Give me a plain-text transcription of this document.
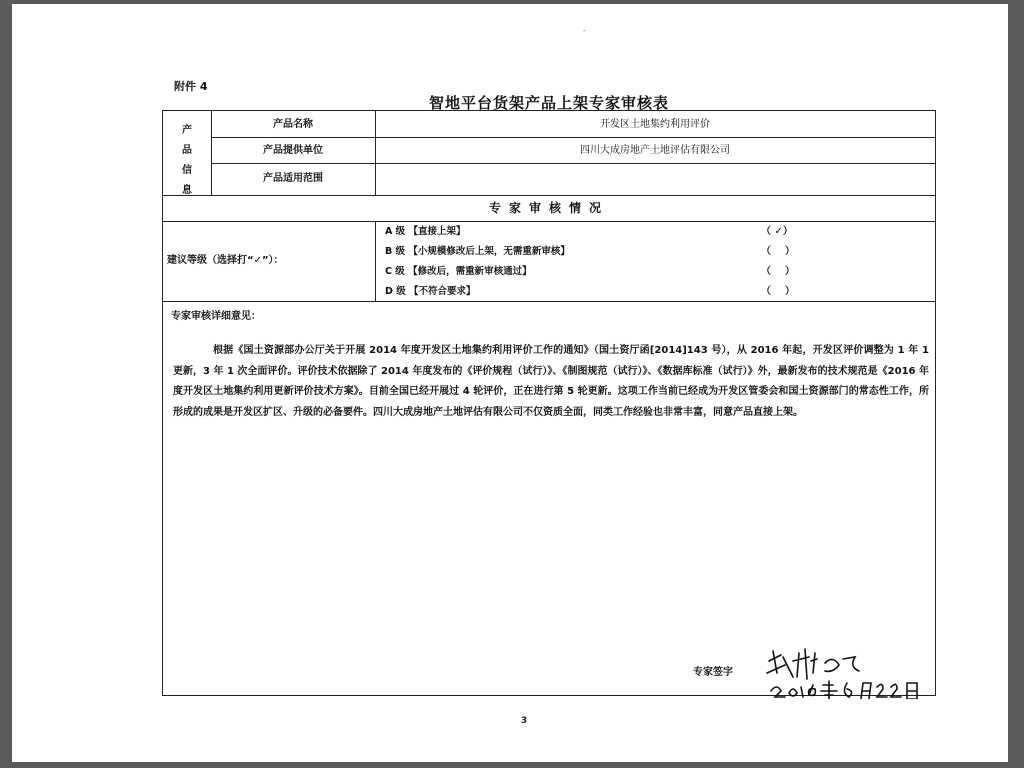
ˉ
附件 4
智地平台货架产品上架专家审核表
产
品
信
息
产品名称	开发区土地集约利用评价
产品提供单位	四川大成房地产土地评估有限公司
产品适用范围
专家审核情况
建议等级（选择打“✓”）：
A 级 【直接上架】	（ ✓）
B 级 【小规模修改后上架，无需重新审核】	（    ）
C 级 【修改后，需重新审核通过】	（    ）
D 级 【不符合要求】	（    ）
专家审核详细意见：

根据《国土资源部办公厅关于开展 2014 年度开发区土地集约利用评价工作的通知》（国土资厅函[2014]143 号），从 2016 年起，开发区评价调整为 1 年 1 更新，3 年 1 次全面评价。评价技术依据除了 2014 年度发布的《评价规程（试行）》、《制图规范（试行）》、《数据库标准（试行）》外，最新发布的技术规范是《2016 年度开发区土地集约利用更新评价技术方案》。目前全国已经开展过 4 轮评价，正在进行第 5 轮更新。这项工作当前已经成为开发区管委会和国土资源部门的常态性工作，所形成的成果是开发区扩区、升级的必备要件。四川大成房地产土地评估有限公司不仅资质全面，同类工作经验也非常丰富，同意产品直接上架。

专家签字
3
